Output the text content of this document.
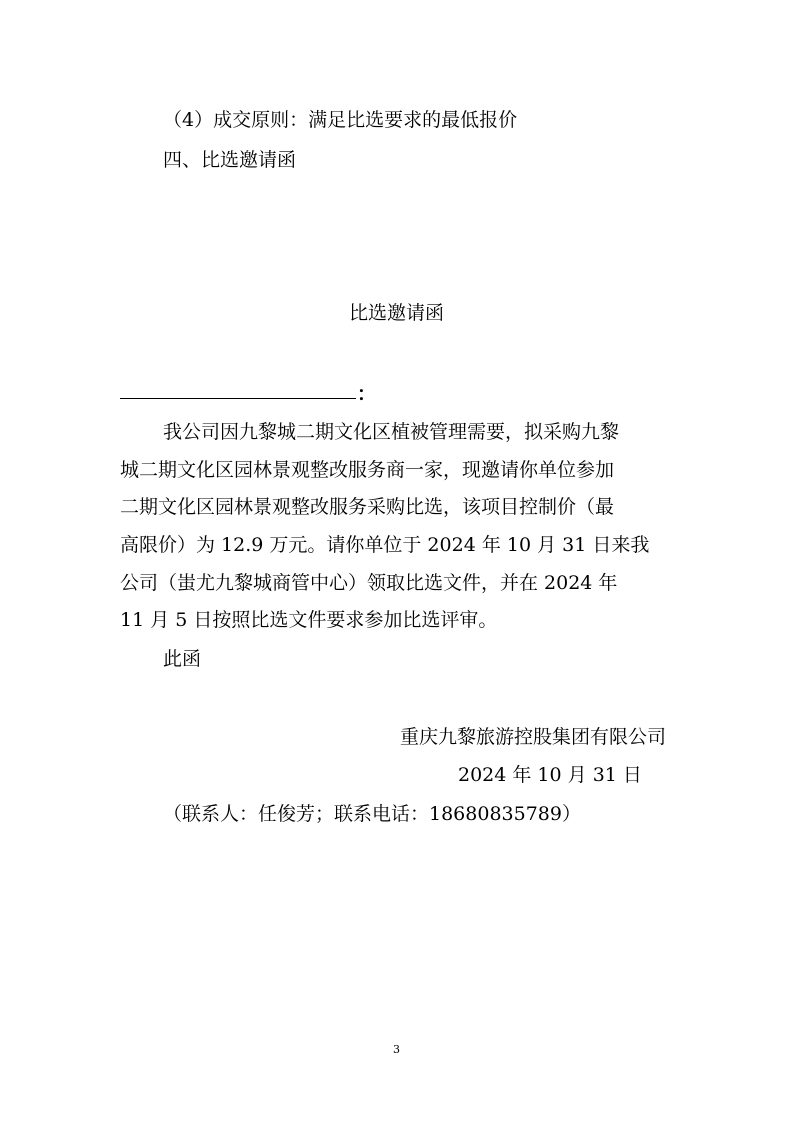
（4）成交原则：满足比选要求的最低报价
四、比选邀请函
比选邀请函
：
我公司因九黎城二期文化区植被管理需要，拟采购九黎
城二期文化区园林景观整改服务商一家，现邀请你单位参加
二期文化区园林景观整改服务采购比选，该项目控制价（最
高限价）为 12.9 万元。请你单位于 2024 年 10 月 31 日来我
公司（蚩尤九黎城商管中心）领取比选文件，并在 2024 年
11 月 5 日按照比选文件要求参加比选评审。
此函
重庆九黎旅游控股集团有限公司
2024 年 10 月 31 日
（联系人：任俊芳；联系电话：18680835789）
3
